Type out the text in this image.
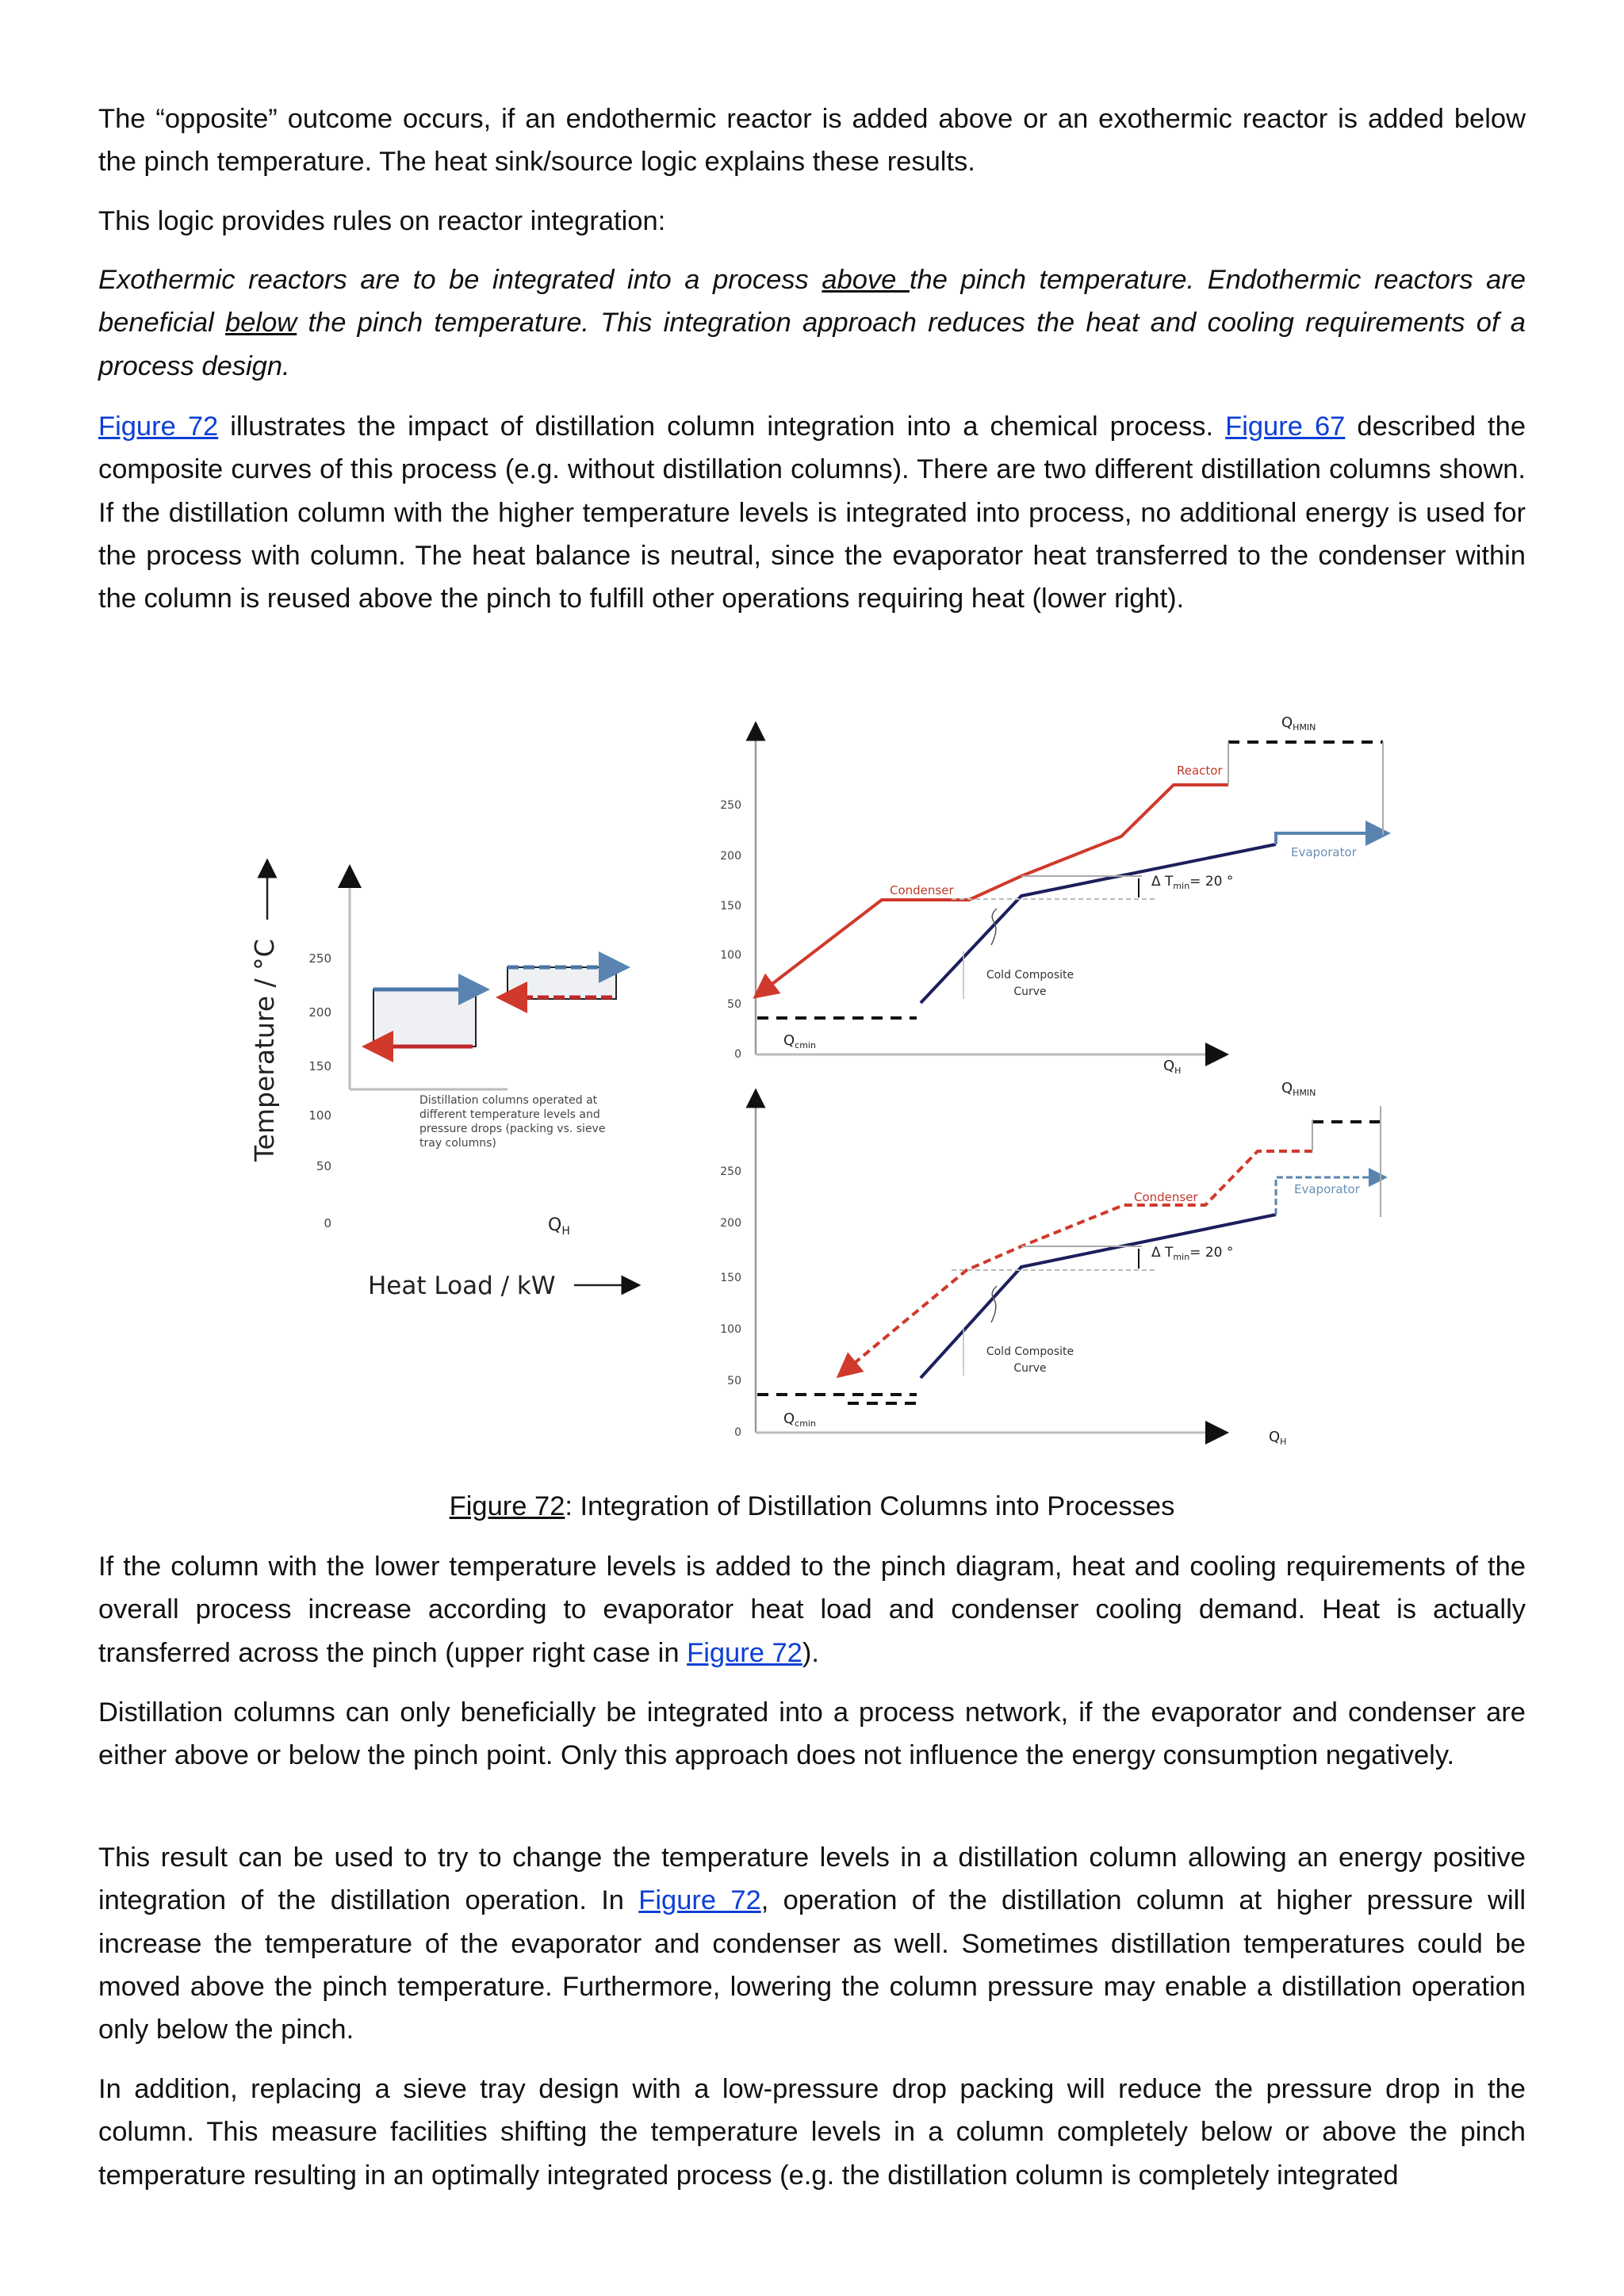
The “opposite” outcome occurs, if an endothermic reactor is added above or an exothermic reactor is added below the pinch temperature. The heat sink/source logic explains these results.

This logic provides rules on reactor integration:

Exothermic reactors are to be integrated into a process above the pinch temperature. Endothermic reactors are beneficial below the pinch temperature. This integration approach reduces the heat and cooling requirements of a process design.

Figure 72 illustrates the impact of distillation column integration into a chemical process. Figure 67 described the composite curves of this process (e.g. without distillation columns). There are two different distillation columns shown. If the distillation column with the higher temperature levels is integrated into process, no additional energy is used for the process with column. The heat balance is neutral, since the evaporator heat transferred to the condenser within the column is reused above the pinch to fulfill other operations requiring heat (lower right).

250
200
150
100
50
0
Distillation columns operated at
different temperature levels and
pressure drops (packing vs. sieve
tray columns)
$Q_H$
Temperature / °C
Heat Load / kW
250
200
150
100
50
0
Reactor
Condenser
Evaporator
Δ $T_{min}= 20$ °
Cold Composite
Curve
$Q_H$
$Q_{cmin}$
$Q_{HMIN}$
250
200
150
100
50
0
Condenser
Evaporator
Δ $T_{min}= 20$ °
Cold Composite
Curve
$Q_H$
$Q_{cmin}$
$Q_{HMIN}$
Figure 72: Integration of Distillation Columns into Processes

If the column with the lower temperature levels is added to the pinch diagram, heat and cooling requirements of the overall process increase according to evaporator heat load and condenser cooling demand. Heat is actually transferred across the pinch (upper right case in Figure 72).

Distillation columns can only beneficially be integrated into a process network, if the evaporator and condenser are either above or below the pinch point. Only this approach does not influence the energy consumption negatively.

This result can be used to try to change the temperature levels in a distillation column allowing an energy positive integration of the distillation operation. In Figure 72, operation of the distillation column at higher pressure will increase the temperature of the evaporator and condenser as well. Sometimes distillation temperatures could be moved above the pinch temperature. Furthermore, lowering the column pressure may enable a distillation operation only below the pinch.

In addition, replacing a sieve tray design with a low-pressure drop packing will reduce the pressure drop in the column. This measure facilities shifting the temperature levels in a column completely below or above the pinch temperature resulting in an optimally integrated process (e.g. the distillation column is completely integrated
